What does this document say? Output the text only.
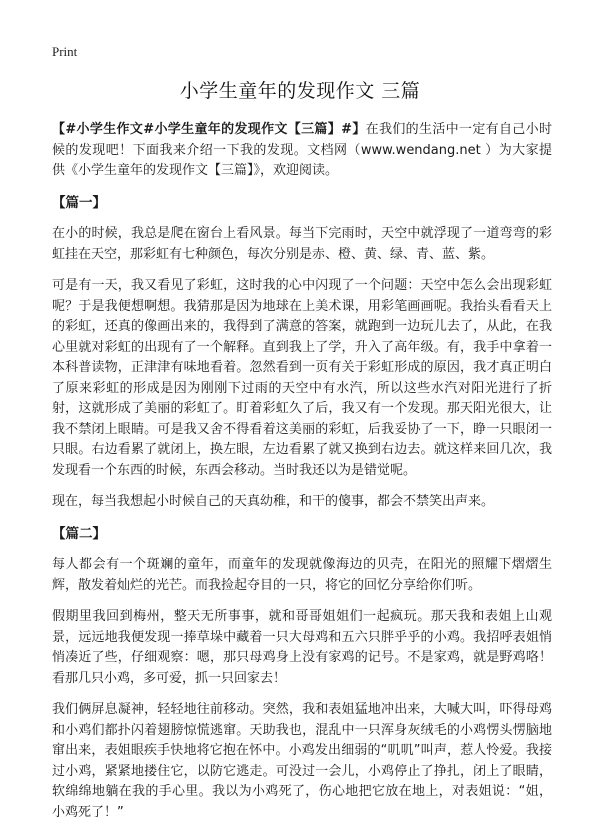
Print
小学生童年的发现作文 三篇

【#小学生作文#小学生童年的发现作文【三篇】#】在我们的生活中一定有自己小时候的发现吧！下面我来介绍一下我的发现。文档网（www.wendang.net ）为大家提供《小学生童年的发现作文【三篇】》，欢迎阅读。

【篇一】

在小的时候，我总是爬在窗台上看风景。每当下完雨时，天空中就浮现了一道弯弯的彩虹挂在天空，那彩虹有七种颜色，每次分别是赤、橙、黄、绿、青、蓝、紫。

可是有一天，我又看见了彩虹，这时我的心中闪现了一个问题：天空中怎么会出现彩虹呢？于是我便想啊想。我猜那是因为地球在上美术课，用彩笔画画呢。我抬头看看天上的彩虹，还真的像画出来的，我得到了满意的答案，就跑到一边玩儿去了，从此，在我心里就对彩虹的出现有了一个解释。直到我上了学，升入了高年级。有，我手中拿着一本科普读物，正津津有味地看着。忽然看到一页有关于彩虹形成的原因，我才真正明白了原来彩虹的形成是因为刚刚下过雨的天空中有水汽，所以这些水汽对阳光进行了折射，这就形成了美丽的彩虹了。盯着彩虹久了后，我又有一个发现。那天阳光很大，让我不禁闭上眼睛。可是我又舍不得看着这美丽的彩虹，后我妥协了一下，睁一只眼闭一只眼。右边看累了就闭上，换左眼，左边看累了就又换到右边去。就这样来回几次，我发现看一个东西的时候，东西会移动。当时我还以为是错觉呢。

现在，每当我想起小时候自己的天真幼稚，和干的傻事，都会不禁笑出声来。

【篇二】

每人都会有一个斑斓的童年，而童年的发现就像海边的贝壳，在阳光的照耀下熠熠生辉，散发着灿烂的光芒。而我捡起夺目的一只，将它的回忆分享给你们听。

假期里我回到梅州，整天无所事事，就和哥哥姐姐们一起疯玩。那天我和表姐上山观景，远远地我便发现一捧草垛中藏着一只大母鸡和五六只胖乎乎的小鸡。我招呼表姐悄悄凑近了些，仔细观察：嗯，那只母鸡身上没有家鸡的记号。不是家鸡，就是野鸡咯！看那几只小鸡，多可爱，抓一只回家去！

我们俩屏息凝神，轻轻地往前移动。突然，我和表姐猛地冲出来，大喊大叫，吓得母鸡和小鸡们都扑闪着翅膀惊慌逃窜。天助我也，混乱中一只浑身灰绒毛的小鸡愣头愣脑地窜出来，表姐眼疾手快地将它抱在怀中。小鸡发出细弱的“叽叽”叫声，惹人怜爱。我接过小鸡，紧紧地搂住它，以防它逃走。可没过一会儿，小鸡停止了挣扎，闭上了眼睛，软绵绵地躺在我的手心里。我以为小鸡死了，伤心地把它放在地上，对表姐说：“姐，小鸡死了！”
